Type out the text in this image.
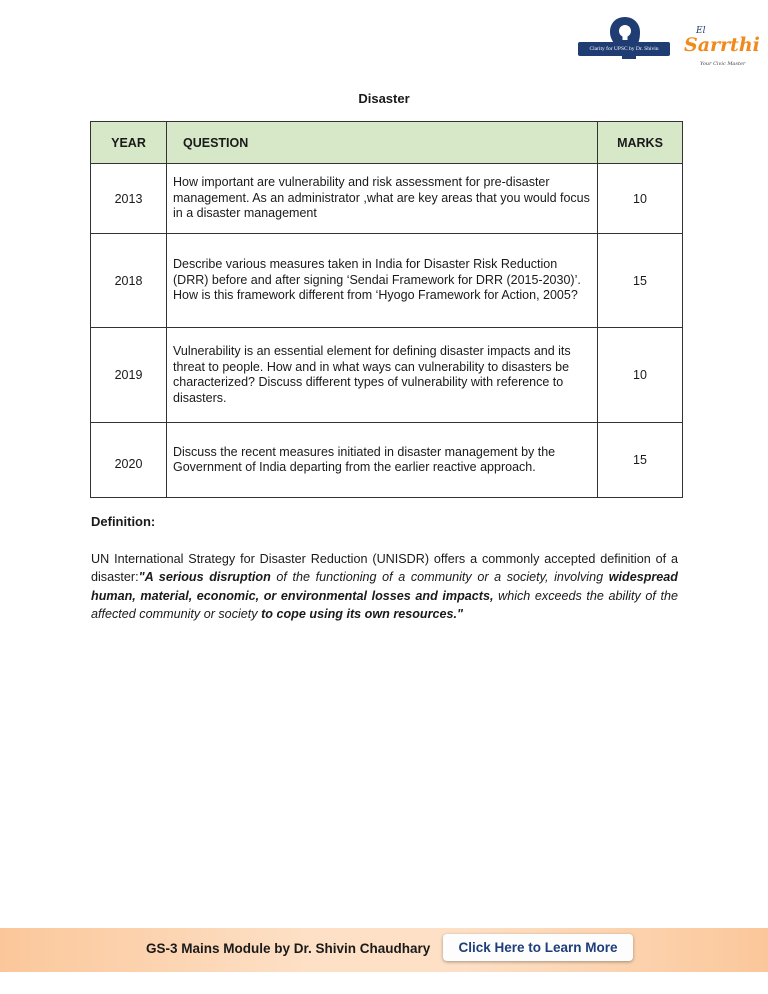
Clarity for UPSC by Dr. Shivin
El
Sarrthi
Your Civic Master
Disaster
YEAR	QUESTION	MARKS
2013	How important are vulnerability and risk assessment for pre-disaster management. As an administrator ,what are key areas that you would focus in a disaster management	10
2018	Describe various measures taken in India for Disaster Risk Reduction (DRR) before and after signing ‘Sendai Framework for DRR (2015-2030)’. How is this framework different from ‘Hyogo Framework for Action, 2005?	15
2019	Vulnerability is an essential element for defining disaster impacts and its threat to people. How and in what ways can vulnerability to disasters be characterized? Discuss different types of vulnerability with reference to disasters.	10
2020	Discuss the recent measures initiated in disaster management by the Government of India departing from the earlier reactive approach.	15
Definition:

UN International Strategy for Disaster Reduction (UNISDR) offers a commonly accepted definition of a disaster:"A serious disruption of the functioning of a community or a society, involving widespread human, material, economic, or environmental losses and impacts, which exceeds the ability of the affected community or society to cope using its own resources."

GS-3 Mains Module by Dr. Shivin Chaudhary	Click Here to Learn More
